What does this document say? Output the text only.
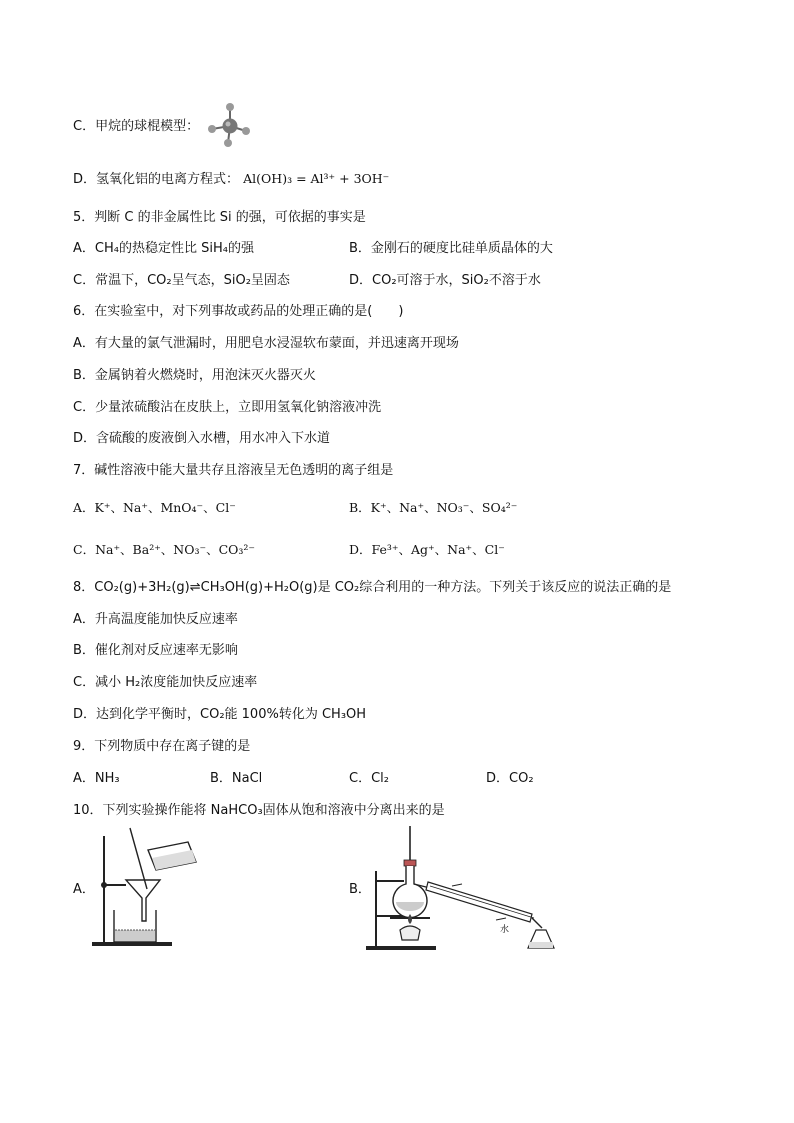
C．甲烷的球棍模型：
D．氢氧化铝的电离方程式： Al(OH)₃ = Al³⁺ + 3OH⁻
5．判断 C 的非金属性比 Si 的强，可依据的事实是
A．CH₄的热稳定性比 SiH₄的强	B．金刚石的硬度比硅单质晶体的大
C．常温下，CO₂呈气态，SiO₂呈固态	D．CO₂可溶于水，SiO₂不溶于水
6．在实验室中，对下列事故或药品的处理正确的是(　　)
A．有大量的氯气泄漏时，用肥皂水浸湿软布蒙面，并迅速离开现场
B．金属钠着火燃烧时，用泡沫灭火器灭火
C．少量浓硫酸沾在皮肤上，立即用氢氧化钠溶液冲洗
D．含硫酸的废液倒入水槽，用水冲入下水道
7．碱性溶液中能大量共存且溶液呈无色透明的离子组是
A．K⁺、Na⁺、MnO₄⁻、Cl⁻	B．K⁺、Na⁺、NO₃⁻、SO₄²⁻
C．Na⁺、Ba²⁺、NO₃⁻、CO₃²⁻	D．Fe³⁺、Ag⁺、Na⁺、Cl⁻
8．CO₂(g)+3H₂(g)⇌CH₃OH(g)+H₂O(g)是 CO₂综合利用的一种方法。下列关于该反应的说法正确的是
A．升高温度能加快反应速率
B．催化剂对反应速率无影响
C．减小 H₂浓度能加快反应速率
D．达到化学平衡时，CO₂能 100%转化为 CH₃OH
9．下列物质中存在离子键的是
A．NH₃	B．NaCl	C．Cl₂	D．CO₂
10．下列实验操作能将 NaHCO₃固体从饱和溶液中分离出来的是
A．	B．
水
